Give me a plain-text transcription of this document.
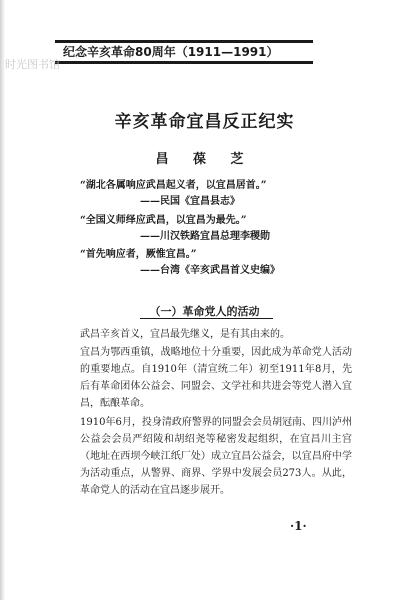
纪念辛亥革命80周年（1911—1991）
时光图书馆
辛亥革命宜昌反正纪实
昌 葆 芝
“湖北各属响应武昌起义者，以宜昌居首。”
——民国《宜昌县志》
“全国义师绎应武昌，以宜昌为最先。”
——川汉铁路宜昌总理李稷勋
“首先响应者，厥惟宜昌。”
——台湾《辛亥武昌首义史编》
（一）革命党人的活动
武昌辛亥首义，宜昌最先继义，是有其由来的。
宜昌为鄂西重镇，战略地位十分重要，因此成为革命党人活动的重要地点。自1910年（清宣统二年）初至1911年8月，先后有革命团体公益会、同盟会、文学社和共进会等党人潜入宜昌，酝酿革命。
1910年6月，投身清政府警界的同盟会会员胡冠南、四川泸州公益会会员严绍陵和胡绍尧等秘密发起组织，在宜昌川主宫（地址在西坝今峡江纸厂处）成立宜昌公益会，以宜昌府中学为活动重点，从警界、商界、学界中发展会员273人。从此，革命党人的活动在宜昌逐步展开。
·1·
